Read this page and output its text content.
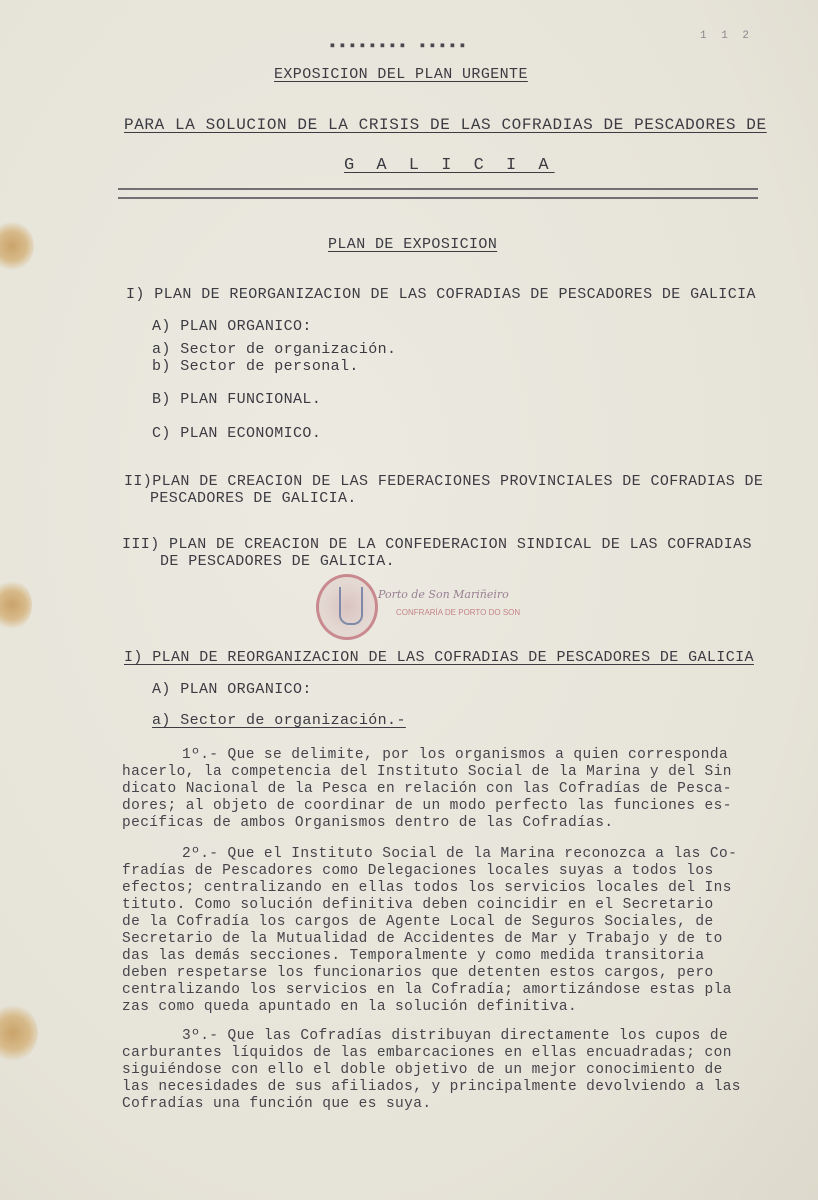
▪▪▪▪▪▪▪▪ ▪▪▪▪▪
1 1 2
EXPOSICION DEL PLAN URGENTE
PARA LA SOLUCION DE LA CRISIS DE LAS COFRADIAS DE PESCADORES DE
G A L I C I A
PLAN DE EXPOSICION
I) PLAN DE REORGANIZACION DE LAS COFRADIAS DE PESCADORES DE GALICIA
A) PLAN ORGANICO:
a) Sector de organización.
b) Sector de personal.
B) PLAN FUNCIONAL.
C) PLAN ECONOMICO.
II)PLAN DE CREACION DE LAS FEDERACIONES PROVINCIALES DE COFRADIAS DE
PESCADORES DE GALICIA.
III) PLAN DE CREACION DE LA CONFEDERACION SINDICAL DE LAS COFRADIAS
DE PESCADORES DE GALICIA.
Porto de Son Mariñeiro
CONFRARÍA DE PORTO DO SON
I) PLAN DE REORGANIZACION DE LAS COFRADIAS DE PESCADORES DE GALICIA
A) PLAN ORGANICO:
a) Sector de organización.-
1º.- Que se delimite, por los organismos a quien corresponda
hacerlo, la competencia del Instituto Social de la Marina y del Sin
dicato Nacional de la Pesca en relación con las Cofradías de Pesca-
dores; al objeto de coordinar de un modo perfecto las funciones es-
pecíficas de ambos Organismos dentro de las Cofradías.
2º.- Que el Instituto Social de la Marina reconozca a las Co-
fradías de Pescadores como Delegaciones locales suyas a todos los
efectos; centralizando en ellas todos los servicios locales del Ins
tituto. Como solución definitiva deben coincidir en el Secretario
de la Cofradía los cargos de Agente Local de Seguros Sociales, de
Secretario de la Mutualidad de Accidentes de Mar y Trabajo y de to
das las demás secciones. Temporalmente y como medida transitoria
deben respetarse los funcionarios que detenten estos cargos, pero
centralizando los servicios en la Cofradía; amortizándose estas pla
zas como queda apuntado en la solución definitiva.
3º.- Que las Cofradías distribuyan directamente los cupos de
carburantes líquidos de las embarcaciones en ellas encuadradas; con
siguiéndose con ello el doble objetivo de un mejor conocimiento de
las necesidades de sus afiliados, y principalmente devolviendo a las
Cofradías una función que es suya.
